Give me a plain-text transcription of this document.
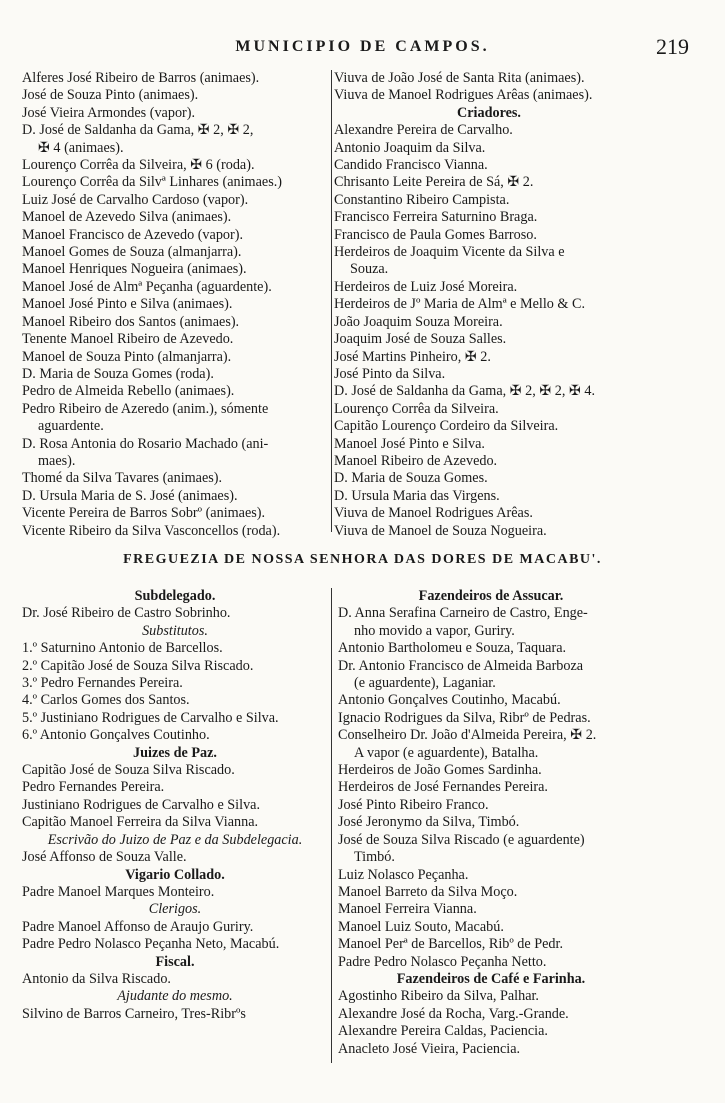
MUNICIPIO DE CAMPOS.	219
Alferes José Ribeiro de Barros (animaes).
José de Souza Pinto (animaes).
José Vieira Armondes (vapor).
D. José de Saldanha da Gama, ✠ 2, ✠ 2,
✠ 4 (animaes).
Lourenço Corrêa da Silveira, ✠ 6 (roda).
Lourenço Corrêa da Silvª Linhares (animaes.)
Luiz José de Carvalho Cardoso (vapor).
Manoel de Azevedo Silva (animaes).
Manoel Francisco de Azevedo (vapor).
Manoel Gomes de Souza (almanjarra).
Manoel Henriques Nogueira (animaes).
Manoel José de Almª Peçanha (aguardente).
Manoel José Pinto e Silva (animaes).
Manoel Ribeiro dos Santos (animaes).
Tenente Manoel Ribeiro de Azevedo.
Manoel de Souza Pinto (almanjarra).
D. Maria de Souza Gomes (roda).
Pedro de Almeida Rebello (animaes).
Pedro Ribeiro de Azeredo (anim.), sómente
aguardente.
D. Rosa Antonia do Rosario Machado (ani-
maes).
Thomé da Silva Tavares (animaes).
D. Ursula Maria de S. José (animaes).
Vicente Pereira de Barros Sobrº (animaes).
Vicente Ribeiro da Silva Vasconcellos (roda).
Viuva de João José de Santa Rita (animaes).
Viuva de Manoel Rodrigues Arêas (animaes).
Criadores.
Alexandre Pereira de Carvalho.
Antonio Joaquim da Silva.
Candido Francisco Vianna.
Chrisanto Leite Pereira de Sá, ✠ 2.
Constantino Ribeiro Campista.
Francisco Ferreira Saturnino Braga.
Francisco de Paula Gomes Barroso.
Herdeiros de Joaquim Vicente da Silva e
Souza.
Herdeiros de Luiz José Moreira.
Herdeiros de Jº Maria de Almª e Mello & C.
João Joaquim Souza Moreira.
Joaquim José de Souza Salles.
José Martins Pinheiro, ✠ 2.
José Pinto da Silva.
D. José de Saldanha da Gama, ✠ 2, ✠ 2, ✠ 4.
Lourenço Corrêa da Silveira.
Capitão Lourenço Cordeiro da Silveira.
Manoel José Pinto e Silva.
Manoel Ribeiro de Azevedo.
D. Maria de Souza Gomes.
D. Ursula Maria das Virgens.
Viuva de Manoel Rodrigues Arêas.
Viuva de Manoel de Souza Nogueira.
FREGUEZIA DE NOSSA SENHORA DAS DORES DE MACABU'.
Subdelegado.
Dr. José Ribeiro de Castro Sobrinho.
Substitutos.
1.º Saturnino Antonio de Barcellos.
2.º Capitão José de Souza Silva Riscado.
3.º Pedro Fernandes Pereira.
4.º Carlos Gomes dos Santos.
5.º Justiniano Rodrigues de Carvalho e Silva.
6.º Antonio Gonçalves Coutinho.
Juizes de Paz.
Capitão José de Souza Silva Riscado.
Pedro Fernandes Pereira.
Justiniano Rodrigues de Carvalho e Silva.
Capitão Manoel Ferreira da Silva Vianna.
Escrivão do Juizo de Paz e da Subdelegacia.
José Affonso de Souza Valle.
Vigario Collado.
Padre Manoel Marques Monteiro.
Clerigos.
Padre Manoel Affonso de Araujo Guriry.
Padre Pedro Nolasco Peçanha Neto, Macabú.
Fiscal.
Antonio da Silva Riscado.
Ajudante do mesmo.
Silvino de Barros Carneiro, Tres-Ribrºs
Fazendeiros de Assucar.
D. Anna Serafina Carneiro de Castro, Enge-
nho movido a vapor, Guriry.
Antonio Bartholomeu e Souza, Taquara.
Dr. Antonio Francisco de Almeida Barboza
(e aguardente), Laganiar.
Antonio Gonçalves Coutinho, Macabú.
Ignacio Rodrigues da Silva, Ribrº de Pedras.
Conselheiro Dr. João d'Almeida Pereira, ✠ 2.
A vapor (e aguardente), Batalha.
Herdeiros de João Gomes Sardinha.
Herdeiros de José Fernandes Pereira.
José Pinto Ribeiro Franco.
José Jeronymo da Silva, Timbó.
José de Souza Silva Riscado (e aguardente)
Timbó.
Luiz Nolasco Peçanha.
Manoel Barreto da Silva Moço.
Manoel Ferreira Vianna.
Manoel Luiz Souto, Macabú.
Manoel Perª de Barcellos, Ribº de Pedr.
Padre Pedro Nolasco Peçanha Netto.
Fazendeiros de Café e Farinha.
Agostinho Ribeiro da Silva, Palhar.
Alexandre José da Rocha, Varg.-Grande.
Alexandre Pereira Caldas, Paciencia.
Anacleto José Vieira, Paciencia.
